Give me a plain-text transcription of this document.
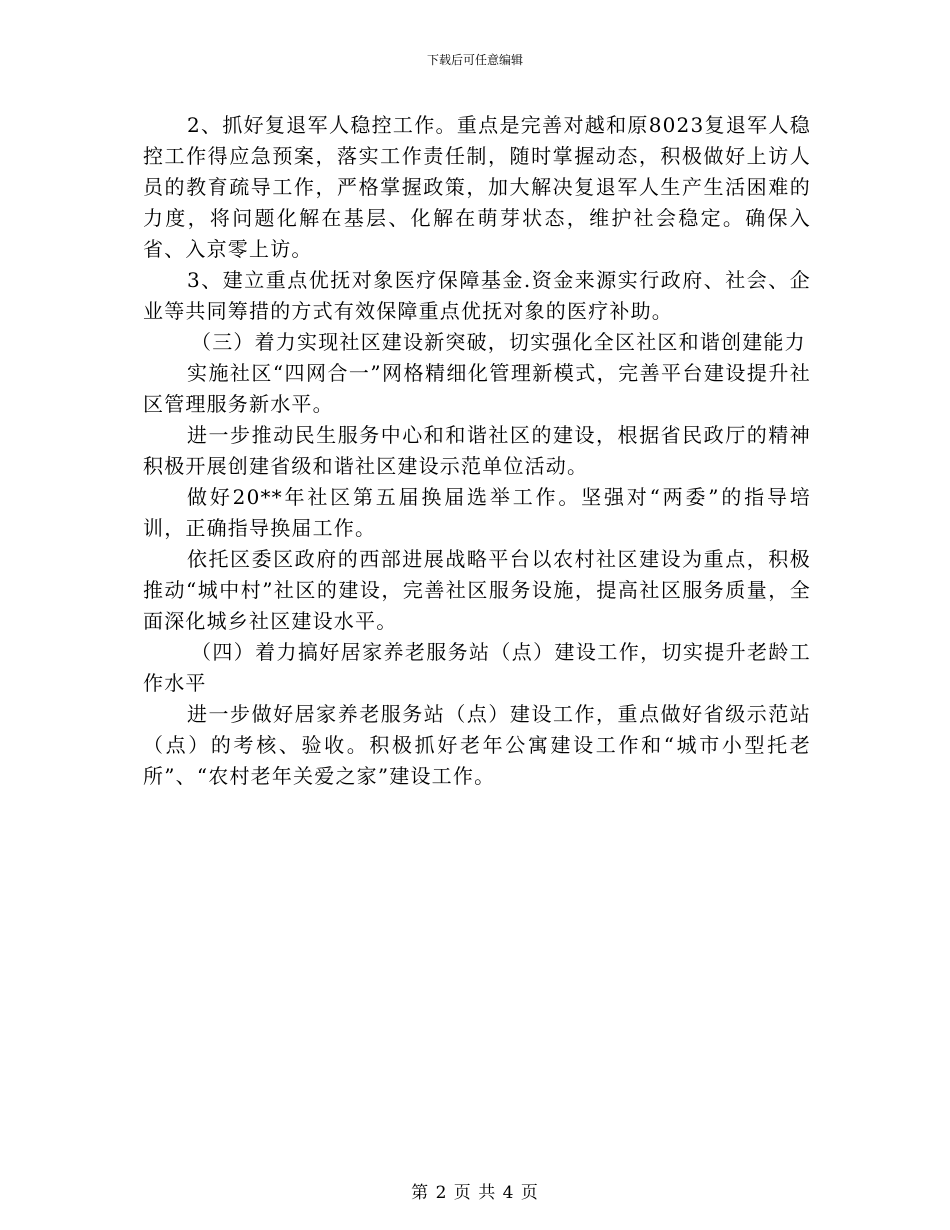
下载后可任意编辑

2、抓好复退军人稳控工作。重点是完善对越和原8023复退军人稳控工作得应急预案，落实工作责任制，随时掌握动态，积极做好上访人员的教育疏导工作，严格掌握政策，加大解决复退军人生产生活困难的力度，将问题化解在基层、化解在萌芽状态，维护社会稳定。确保入省、入京零上访。

3、建立重点优抚对象医疗保障基金.资金来源实行政府、社会、企业等共同筹措的方式有效保障重点优抚对象的医疗补助。

（三）着力实现社区建设新突破，切实强化全区社区和谐创建能力

实施社区“四网合一”网格精细化管理新模式，完善平台建设提升社区管理服务新水平。

进一步推动民生服务中心和和谐社区的建设，根据省民政厅的精神积极开展创建省级和谐社区建设示范单位活动。

做好20**年社区第五届换届选举工作。坚强对“两委”的指导培训，正确指导换届工作。

依托区委区政府的西部进展战略平台以农村社区建设为重点，积极推动“城中村”社区的建设，完善社区服务设施，提高社区服务质量，全面深化城乡社区建设水平。

（四）着力搞好居家养老服务站（点）建设工作，切实提升老龄工作水平

进一步做好居家养老服务站（点）建设工作，重点做好省级示范站（点）的考核、验收。积极抓好老年公寓建设工作和“城市小型托老所”、“农村老年关爱之家”建设工作。

第 2 页 共 4 页
